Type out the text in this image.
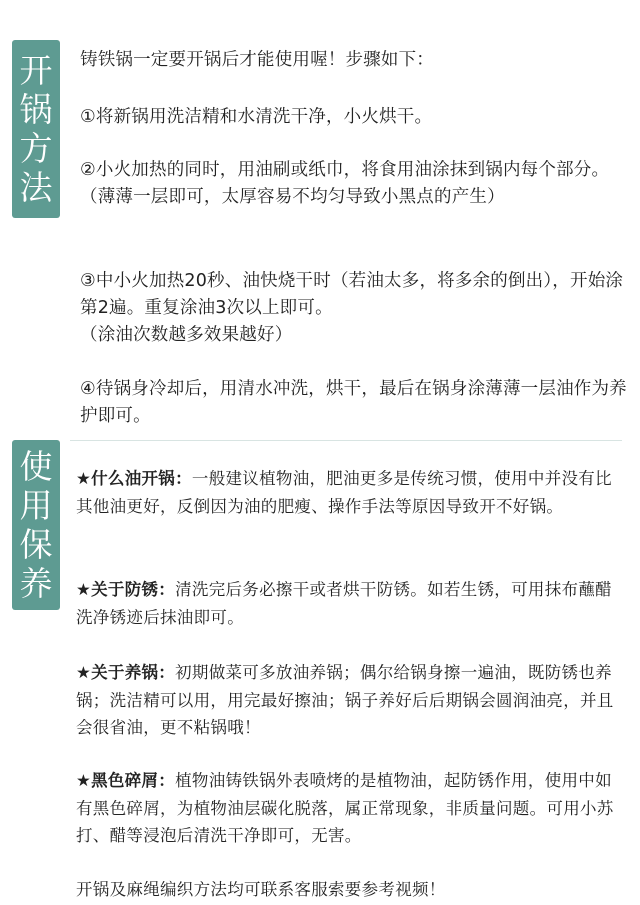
开
锅
方
法

铸铁锅一定要开锅后才能使用喔！步骤如下：

①将新锅用洗洁精和水清洗干净，小火烘干。

②小火加热的同时，用油刷或纸巾，将食用油涂抹到锅内每个部分。（薄薄一层即可，太厚容易不均匀导致小黑点的产生）

③中小火加热20秒、油快烧干时（若油太多，将多余的倒出），开始涂第2遍。重复涂油3次以上即可。

（涂油次数越多效果越好）

④待锅身冷却后，用清水冲洗，烘干，最后在锅身涂薄薄一层油作为养护即可。

使
用
保
养

★什么油开锅：一般建议植物油，肥油更多是传统习惯，使用中并没有比其他油更好，反倒因为油的肥瘦、操作手法等原因导致开不好锅。

★关于防锈：清洗完后务必擦干或者烘干防锈。如若生锈，可用抹布蘸醋洗净锈迹后抹油即可。

★关于养锅：初期做菜可多放油养锅；偶尔给锅身擦一遍油，既防锈也养锅；洗洁精可以用，用完最好擦油；锅子养好后后期锅会圆润油亮，并且会很省油，更不粘锅哦！

★黑色碎屑：植物油铸铁锅外表喷烤的是植物油，起防锈作用，使用中如有黑色碎屑，为植物油层碳化脱落，属正常现象，非质量问题。可用小苏打、醋等浸泡后清洗干净即可，无害。

开锅及麻绳编织方法均可联系客服索要参考视频！
